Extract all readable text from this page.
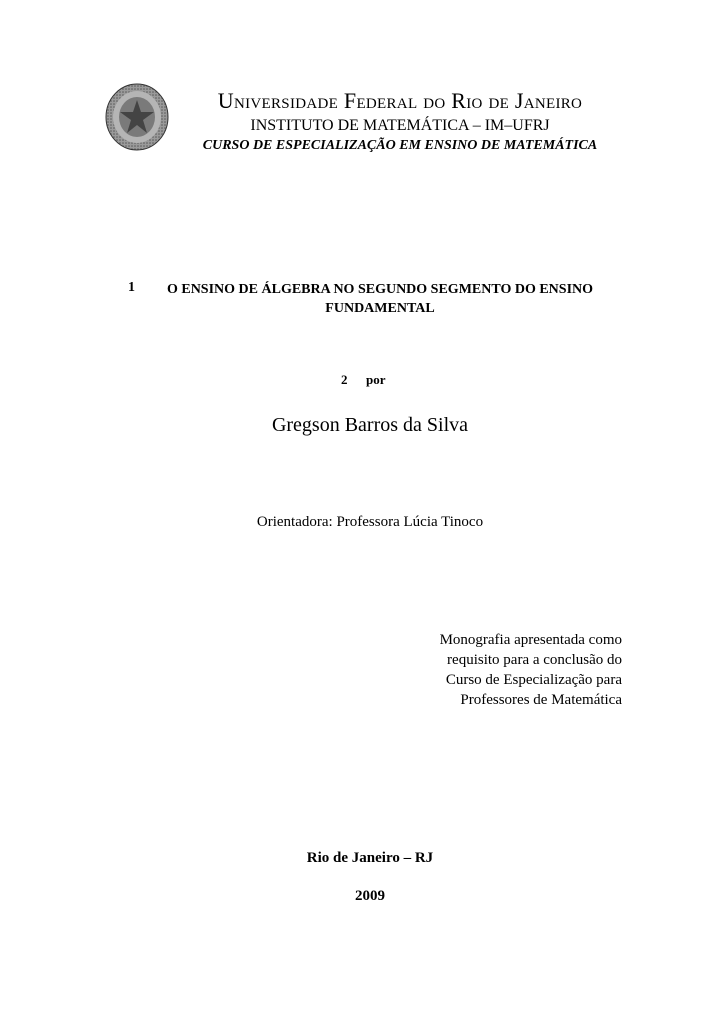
Universidade Federal do Rio de Janeiro
INSTITUTO DE MATEMÁTICA – IM–UFRJ
CURSO DE ESPECIALIZAÇÃO EM ENSINO DE MATEMÁTICA
1	O ENSINO DE ÁLGEBRA NO SEGUNDO SEGMENTO DO ENSINO
FUNDAMENTAL
2 por
Gregson Barros da Silva
Orientadora: Professora Lúcia Tinoco
Monografia apresentada como
requisito para a conclusão do
Curso de Especialização para
Professores de Matemática
Rio de Janeiro – RJ
2009
